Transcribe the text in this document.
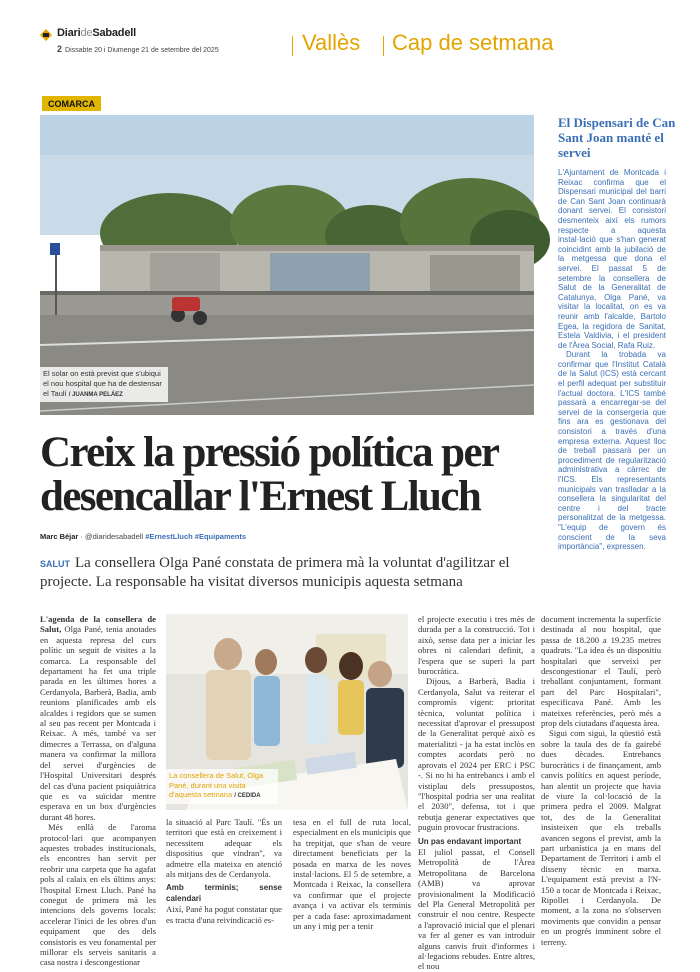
DiarideSabadell
2 Dissabte 20 i Diumenge 21 de setembre del 2025	Vallès Cap de setmana
COMARCA
El solar on està previst que s'ubiqui el nou hospital que ha de destensar el Taulí / JUANMA PELÁEZ
Creix la pressió política per desencallar l'Ernest Lluch
Marc Béjar · @diaridesabadell #ErnestLluch #Equipaments
SALUT La consellera Olga Pané constata de primera mà la voluntat d'agilitzar el projecte. La responsable ha visitat diversos municipis aquesta setmana

L'agenda de la consellera de Salut, Olga Pané, tenia anotades en aquesta represa del curs polític un seguit de visites a la comarca. La responsable del departament ha fet una triple parada en les últimes hores a Cerdanyola, Barberà, Badia, amb reunions planificades amb els alcaldes i regidors que se sumen al seu pas recent per Montcada i Reixac. A més, també va ser dimecres a Terrassa, on d'alguna manera va confirmar la millora del servei d'urgències de l'Hospital Universitari després del cas d'una pacient psiquiàtrica que es va suïcidar mentre esperava en un box d'urgències durant 48 hores.

Més enllà de l'aroma protocol·lari que acompanyen aquestes trobades institucionals, els encontres han servit per reobrir una carpeta que ha agafat pols al calaix en els últims anys: l'hospital Ernest Lluch. Pané ha conegut de primera mà les intencions dels governs locals: accelerar l'inici de les obres d'un equipament que des dels consistoris es veu fonamental per millorar els serveis sanitaris a casa nostra i descongestionar

La consellera de Salut, Olga Pané, durant una visita d'aquesta setmana / CEDIDA

la situació al Parc Taulí. "És un territori que està en creixement i necessitem adequar els dispositius que vindran", va admetre ella mateixa en atenció als mitjans des de Cerdanyola.

Amb terminis; sense calendari

Així, Pané ha pogut constatar que es tracta d'una reivindicació es-

tesa en el full de ruta local, especialment en els municipis que ha trepitjat, que s'han de veure directament beneficiats per la posada en marxa de les noves instal·lacions. El 5 de setembre, a Montcada i Reixac, la consellera va confirmar que el projecte avança i va activar els terminis per a cada fase: aproximadament un any i mig per a tenir

el projecte executiu i tres mès de durada per a la construcció. Tot i això, sense data per a iniciar les obres ni calendari definit, a l'espera que se superi la part burocràtica.

Dijous, a Barberà, Badia i Cerdanyola, Salut va reiterar el compromís vigent: prioritat tècnica, voluntat política i necessitat d'aprovar el pressupost de la Generalitat perquè això es materialitzi - ja ha estat inclòs en comptes acordats però no aprovats el 2024 per ERC i PSC -. Si no hi ha entrebancs i amb el vistiplau dels pressupostos, "l'hospital podria ser una realitat el 2030", defensa, tot i que rebutja generar expectatives que puguin provocar frustracions.

Un pas endavant important

El juliol passat, el Consell Metropolità de l'Àrea Metropolitana de Barcelona (AMB) va aprovar provisionalment la Modificació del Pla General Metropolità per construir el nou centre. Respecte a l'aprovació inicial que el plenari va fer al gener es van introduir alguns canvis fruit d'informes i al·legacions rebudes. Entre altres, el nou

document incrementa la superfície destinada al nou hospital, que passa de 18.200 a 19.235 metres quadrats. "La idea és un dispositiu hospitalari que serveixi per descongestionar el Taulí, però treballant conjuntament, formant part del Parc Hospitalari", especificava Pané. Amb les mateixes referències, però més a prop dels ciutadans d'aquesta àrea.

Sigui com sigui, la qüestió està sobre la taula des de fa gairebé dues dècades. Entrebancs burocràtics i de finançament, amb canvis polítics en aquest període, han alentit un projecte que havia de viure la col·locació de la primera pedra el 2009. Malgrat tot, des de la Generalitat insisteixen que els treballs avancen segons el previst, amb la part urbanística ja en mans del Departament de Territori i amb el disseny tècnic en marxa. L'equipament està previst a l'N-150 a tocar de Montcada i Reixac, Ripollet i Cerdanyola. De moment, a la zona no s'observen moviments que convidin a pensar en un progrés imminent sobre el terreny.

El Dispensari de Can Sant Joan manté el servei

L'Ajuntament de Montcada i Reixac confirma que el Dispensari municipal del barri de Can Sant Joan continuarà donant servei. El consistori desmenteix així els rumors respecte a aquesta instal·lació que s'han generat coincidint amb la jubilació de la metgessa que dona el servei. El passat 5 de setembre la consellera de Salut de la Generalitat de Catalunya, Olga Pané, va visitar la localitat, on es va reunir amb l'alcalde, Bartolo Egea, la regidora de Sanitat, Estela Valdivia, i el president de l'Àrea Social, Rafa Ruiz.

Durant la trobada va confirmar que l'Institut Català de la Salut (ICS) està cercant el perfil adequat per substituir l'actual doctora. L'ICS també passarà a encarregar-se del servei de la consergeria que fins ara es gestionava del consistori a través d'una empresa externa. Aquest lloc de treball passarà per un procediment de regularització administrativa a càrrec de l'ICS. Els representants municipals van traslladar a la consellera la singularitat del centre i del tracte personalitzat de la metgessa. "L'equip de govern és conscient de la seva importància", expressen.
